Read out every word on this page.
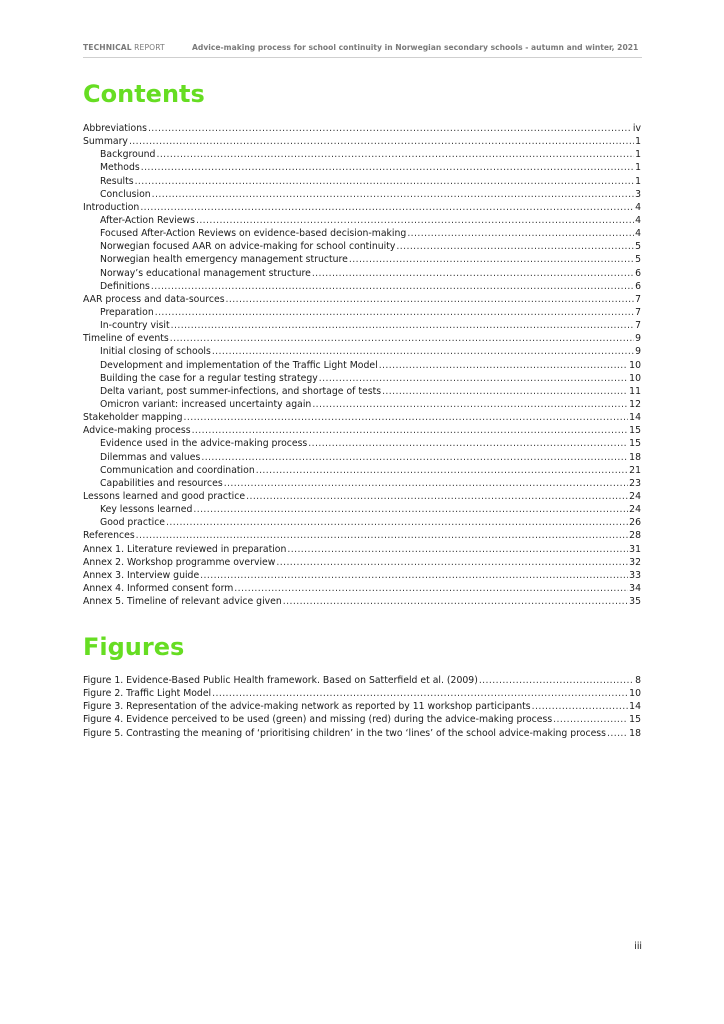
TECHNICAL REPORT	Advice-making process for school continuity in Norwegian secondary schools - autumn and winter, 2021
Contents
Abbreviations .....	iv
Summary .....	1
Background .....	1
Methods .....	1
Results .....	1
Conclusion .....	3
Introduction .....	4
After-Action Reviews .....	4
Focused After-Action Reviews on evidence-based decision-making .....	4
Norwegian focused AAR on advice-making for school continuity .....	5
Norwegian health emergency management structure .....	5
Norway’s educational management structure .....	6
Definitions .....	6
AAR process and data-sources .....	7
Preparation .....	7
In-country visit .....	7
Timeline of events .....	9
Initial closing of schools .....	9
Development and implementation of the Traffic Light Model .....	10
Building the case for a regular testing strategy .....	10
Delta variant, post summer-infections, and shortage of tests .....	11
Omicron variant: increased uncertainty again .....	12
Stakeholder mapping .....	14
Advice-making process .....	15
Evidence used in the advice-making process .....	15
Dilemmas and values .....	18
Communication and coordination .....	21
Capabilities and resources .....	23
Lessons learned and good practice .....	24
Key lessons learned .....	24
Good practice .....	26
References .....	28
Annex 1. Literature reviewed in preparation .....	31
Annex 2. Workshop programme overview .....	32
Annex 3. Interview guide .....	33
Annex 4. Informed consent form .....	34
Annex 5. Timeline of relevant advice given .....	35
Figures
Figure 1. Evidence-Based Public Health framework. Based on Satterfield et al. (2009) .....	8
Figure 2. Traffic Light Model .....	10
Figure 3. Representation of the advice-making network as reported by 11 workshop participants .....	14
Figure 4. Evidence perceived to be used (green) and missing (red) during the advice-making process .....	15
Figure 5. Contrasting the meaning of ‘prioritising children’ in the two ‘lines’ of the school advice-making process ..... 18
iii
